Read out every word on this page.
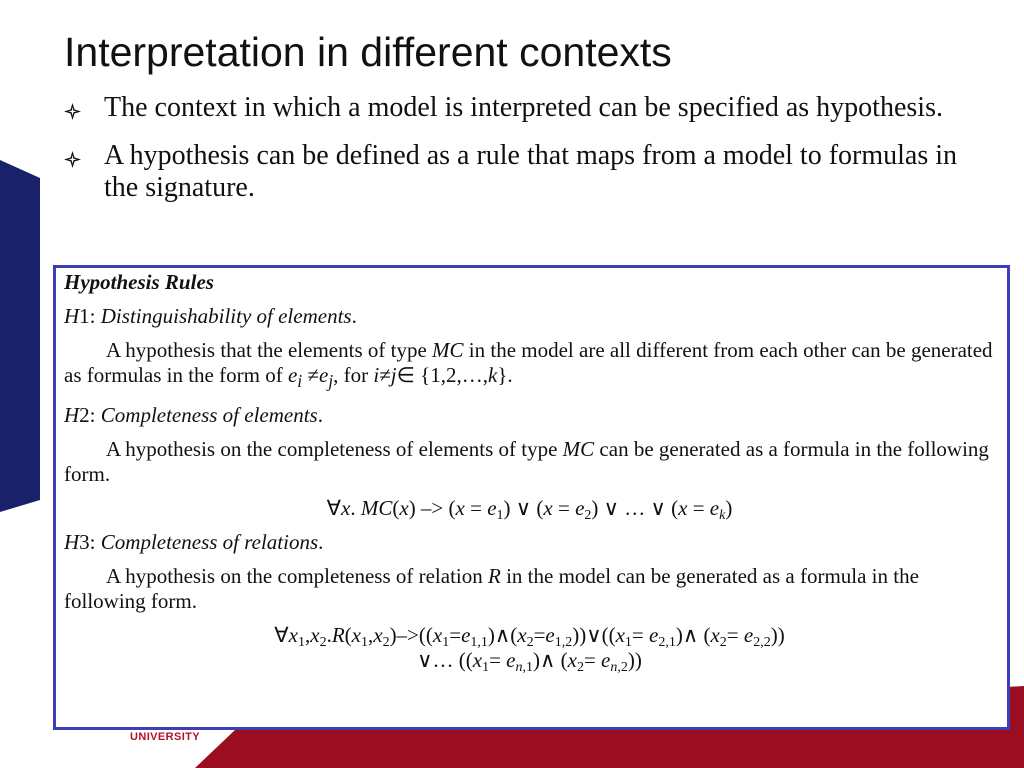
UNIVERSITY
Interpretation in different contexts
The context in which a model is interpreted can be specified as hypothesis.
A hypothesis can be defined as a rule that maps from a model to formulas in the signature.

Hypothesis Rules

H1: Distinguishability of elements.

A hypothesis that the elements of type MC in the model are all different from each other can be generated as formulas in the form of $e_i \ne e_j$, for i≠j∈ {1,2,…,k}.

H2: Completeness of elements.

A hypothesis on the completeness of elements of type MC can be generated as a formula in the following form.

∀x. $MC(x) -> (x = e_1)$ ∨ $(x = e_2)$ ∨ … ∨ $(x = e_k)$

H3: Completeness of relations.

A hypothesis on the completeness of relation R in the model can be generated as a formula in the following form.

$\forall x_1,x_2.R(x_1,x_2)->((x_1=e_{1,1})\wedge(x_2=e_{1,2}))\vee((x_1=$ $e_{2,1})\wedge$ $(x_2= e_{2,2})$)

∨… (($x_1=$ $e_{n,1})\wedge$ $(x_2= e_{n,2})$)
